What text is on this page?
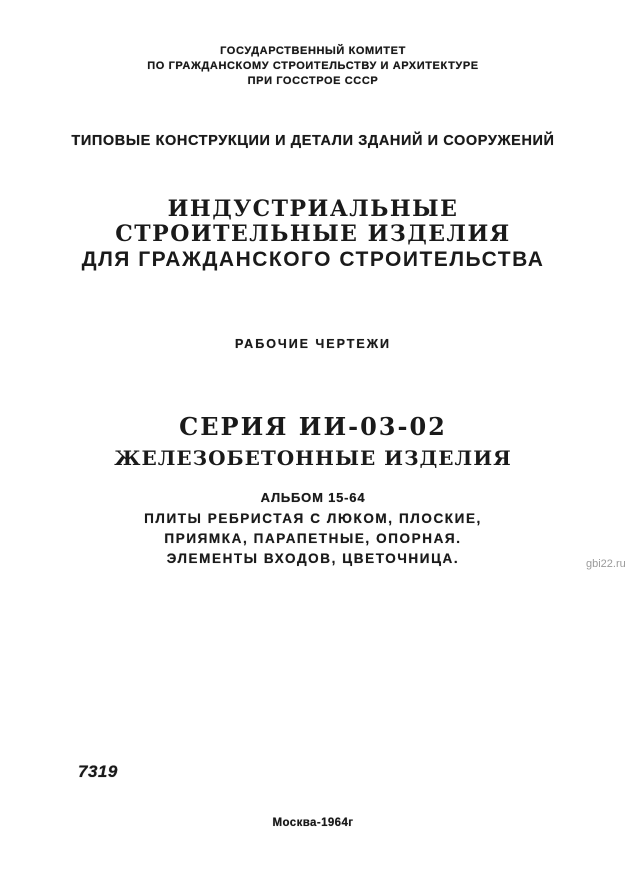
ГОСУДАРСТВЕННЫЙ КОМИТЕТ
ПО ГРАЖДАНСКОМУ СТРОИТЕЛЬСТВУ И АРХИТЕКТУРЕ
ПРИ ГОССТРОЕ СССР
ТИПОВЫЕ КОНСТРУКЦИИ И ДЕТАЛИ ЗДАНИЙ И СООРУЖЕНИЙ
ИНДУСТРИАЛЬНЫЕ
СТРОИТЕЛЬНЫЕ ИЗДЕЛИЯ
ДЛЯ ГРАЖДАНСКОГО СТРОИТЕЛЬСТВА
РАБОЧИЕ ЧЕРТЕЖИ
СЕРИЯ ИИ-03-02
ЖЕЛЕЗОБЕТОННЫЕ ИЗДЕЛИЯ
АЛЬБОМ 15-64
ПЛИТЫ РЕБРИСТАЯ С ЛЮКОМ, ПЛОСКИЕ,
ПРИЯМКА, ПАРАПЕТНЫЕ, ОПОРНАЯ.
ЭЛЕМЕНТЫ ВХОДОВ, ЦВЕТОЧНИЦА.	gbi22.ru
7319
Москва-1964г
